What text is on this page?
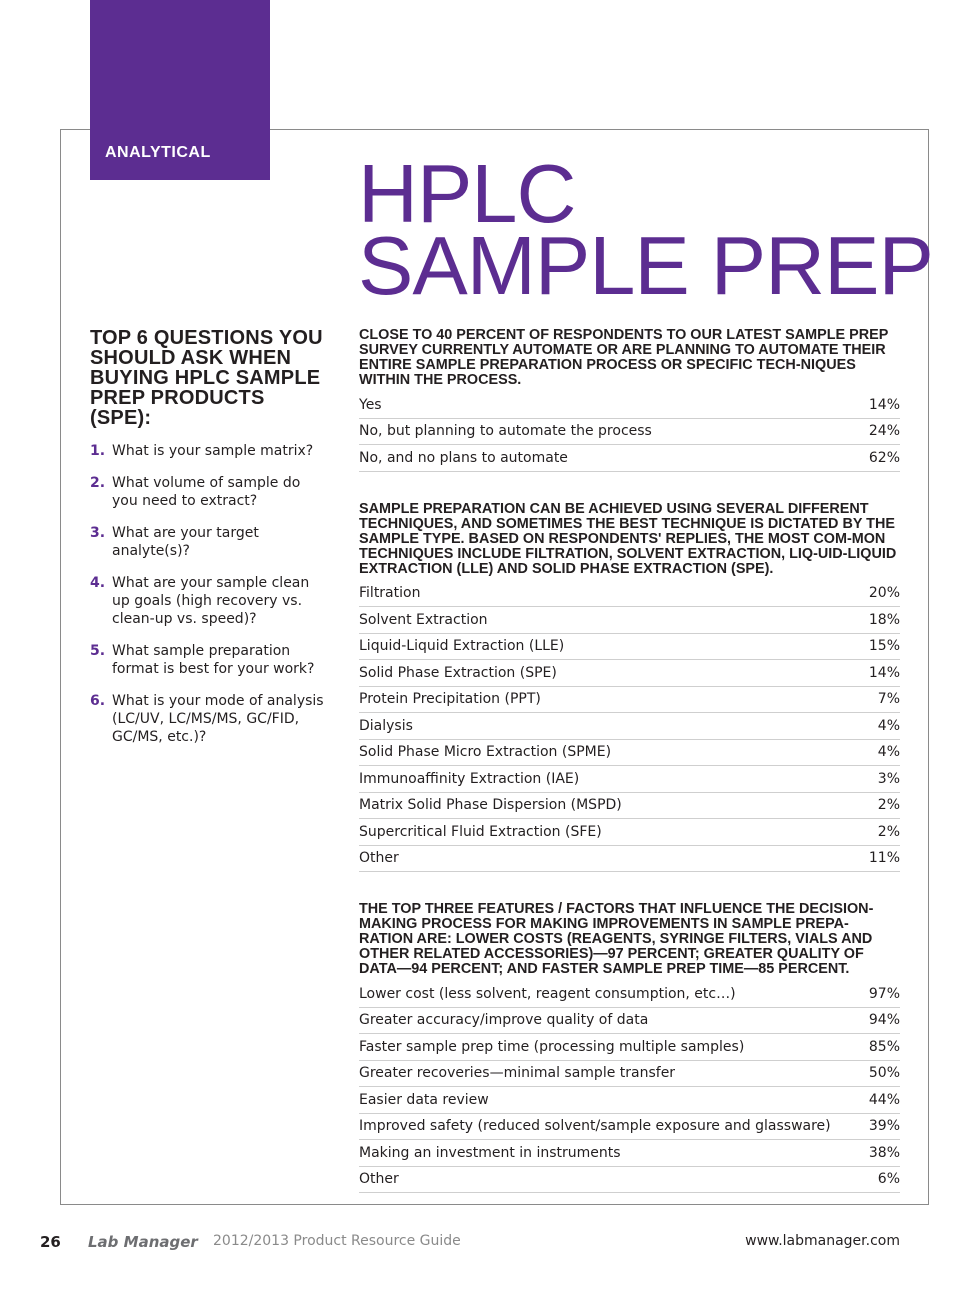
ANALYTICAL HPLC
SAMPLE PREP
TOP 6 QUESTIONS YOU SHOULD ASK WHEN BUYING HPLC SAMPLE PREP PRODUCTS (SPE):
1. What is your sample matrix?
2. What volume of sample do you need to extract?
3. What are your target analyte(s)?
4. What are your sample clean up goals (high recovery vs. clean-up vs. speed)?
5. What sample preparation format is best for your work?
6. What is your mode of analysis (LC/UV, LC/MS/MS, GC/FID, GC/MS, etc.)?
CLOSE TO 40 PERCENT OF RESPONDENTS TO OUR LATEST SAMPLE PREP SURVEY CURRENTLY AUTOMATE OR ARE PLANNING TO AUTOMATE THEIR ENTIRE SAMPLE PREPARATION PROCESS OR SPECIFIC TECH-NIQUES WITHIN THE PROCESS.
Yes	14%
No, but planning to automate the process	24%
No, and no plans to automate	62%
SAMPLE PREPARATION CAN BE ACHIEVED USING SEVERAL DIFFERENT TECHNIQUES, AND SOMETIMES THE BEST TECHNIQUE IS DICTATED BY THE SAMPLE TYPE. BASED ON RESPONDENTS' REPLIES, THE MOST COM-MON TECHNIQUES INCLUDE FILTRATION, SOLVENT EXTRACTION, LIQ-UID-LIQUID EXTRACTION (LLE) AND SOLID PHASE EXTRACTION (SPE).
Filtration	20%
Solvent Extraction	18%
Liquid-Liquid Extraction (LLE)	15%
Solid Phase Extraction (SPE)	14%
Protein Precipitation (PPT)	7%
Dialysis	4%
Solid Phase Micro Extraction (SPME)	4%
Immunoaffinity Extraction (IAE)	3%
Matrix Solid Phase Dispersion (MSPD)	2%
Supercritical Fluid Extraction (SFE)	2%
Other	11%
THE TOP THREE FEATURES / FACTORS THAT INFLUENCE THE DECISION-MAKING PROCESS FOR MAKING IMPROVEMENTS IN SAMPLE PREPA-RATION ARE: LOWER COSTS (REAGENTS, SYRINGE FILTERS, VIALS AND OTHER RELATED ACCESSORIES)—97 PERCENT; GREATER QUALITY OF DATA—94 PERCENT; AND FASTER SAMPLE PREP TIME—85 PERCENT.
Lower cost (less solvent, reagent consumption, etc…)	97%
Greater accuracy/improve quality of data	94%
Faster sample prep time (processing multiple samples)	85%
Greater recoveries—minimal sample transfer	50%
Easier data review	44%
Improved safety (reduced solvent/sample exposure and glassware)	39%
Making an investment in instruments	38%
Other	6%
26 Lab Manager 2012/2013 Product Resource Guide	www.labmanager.com
